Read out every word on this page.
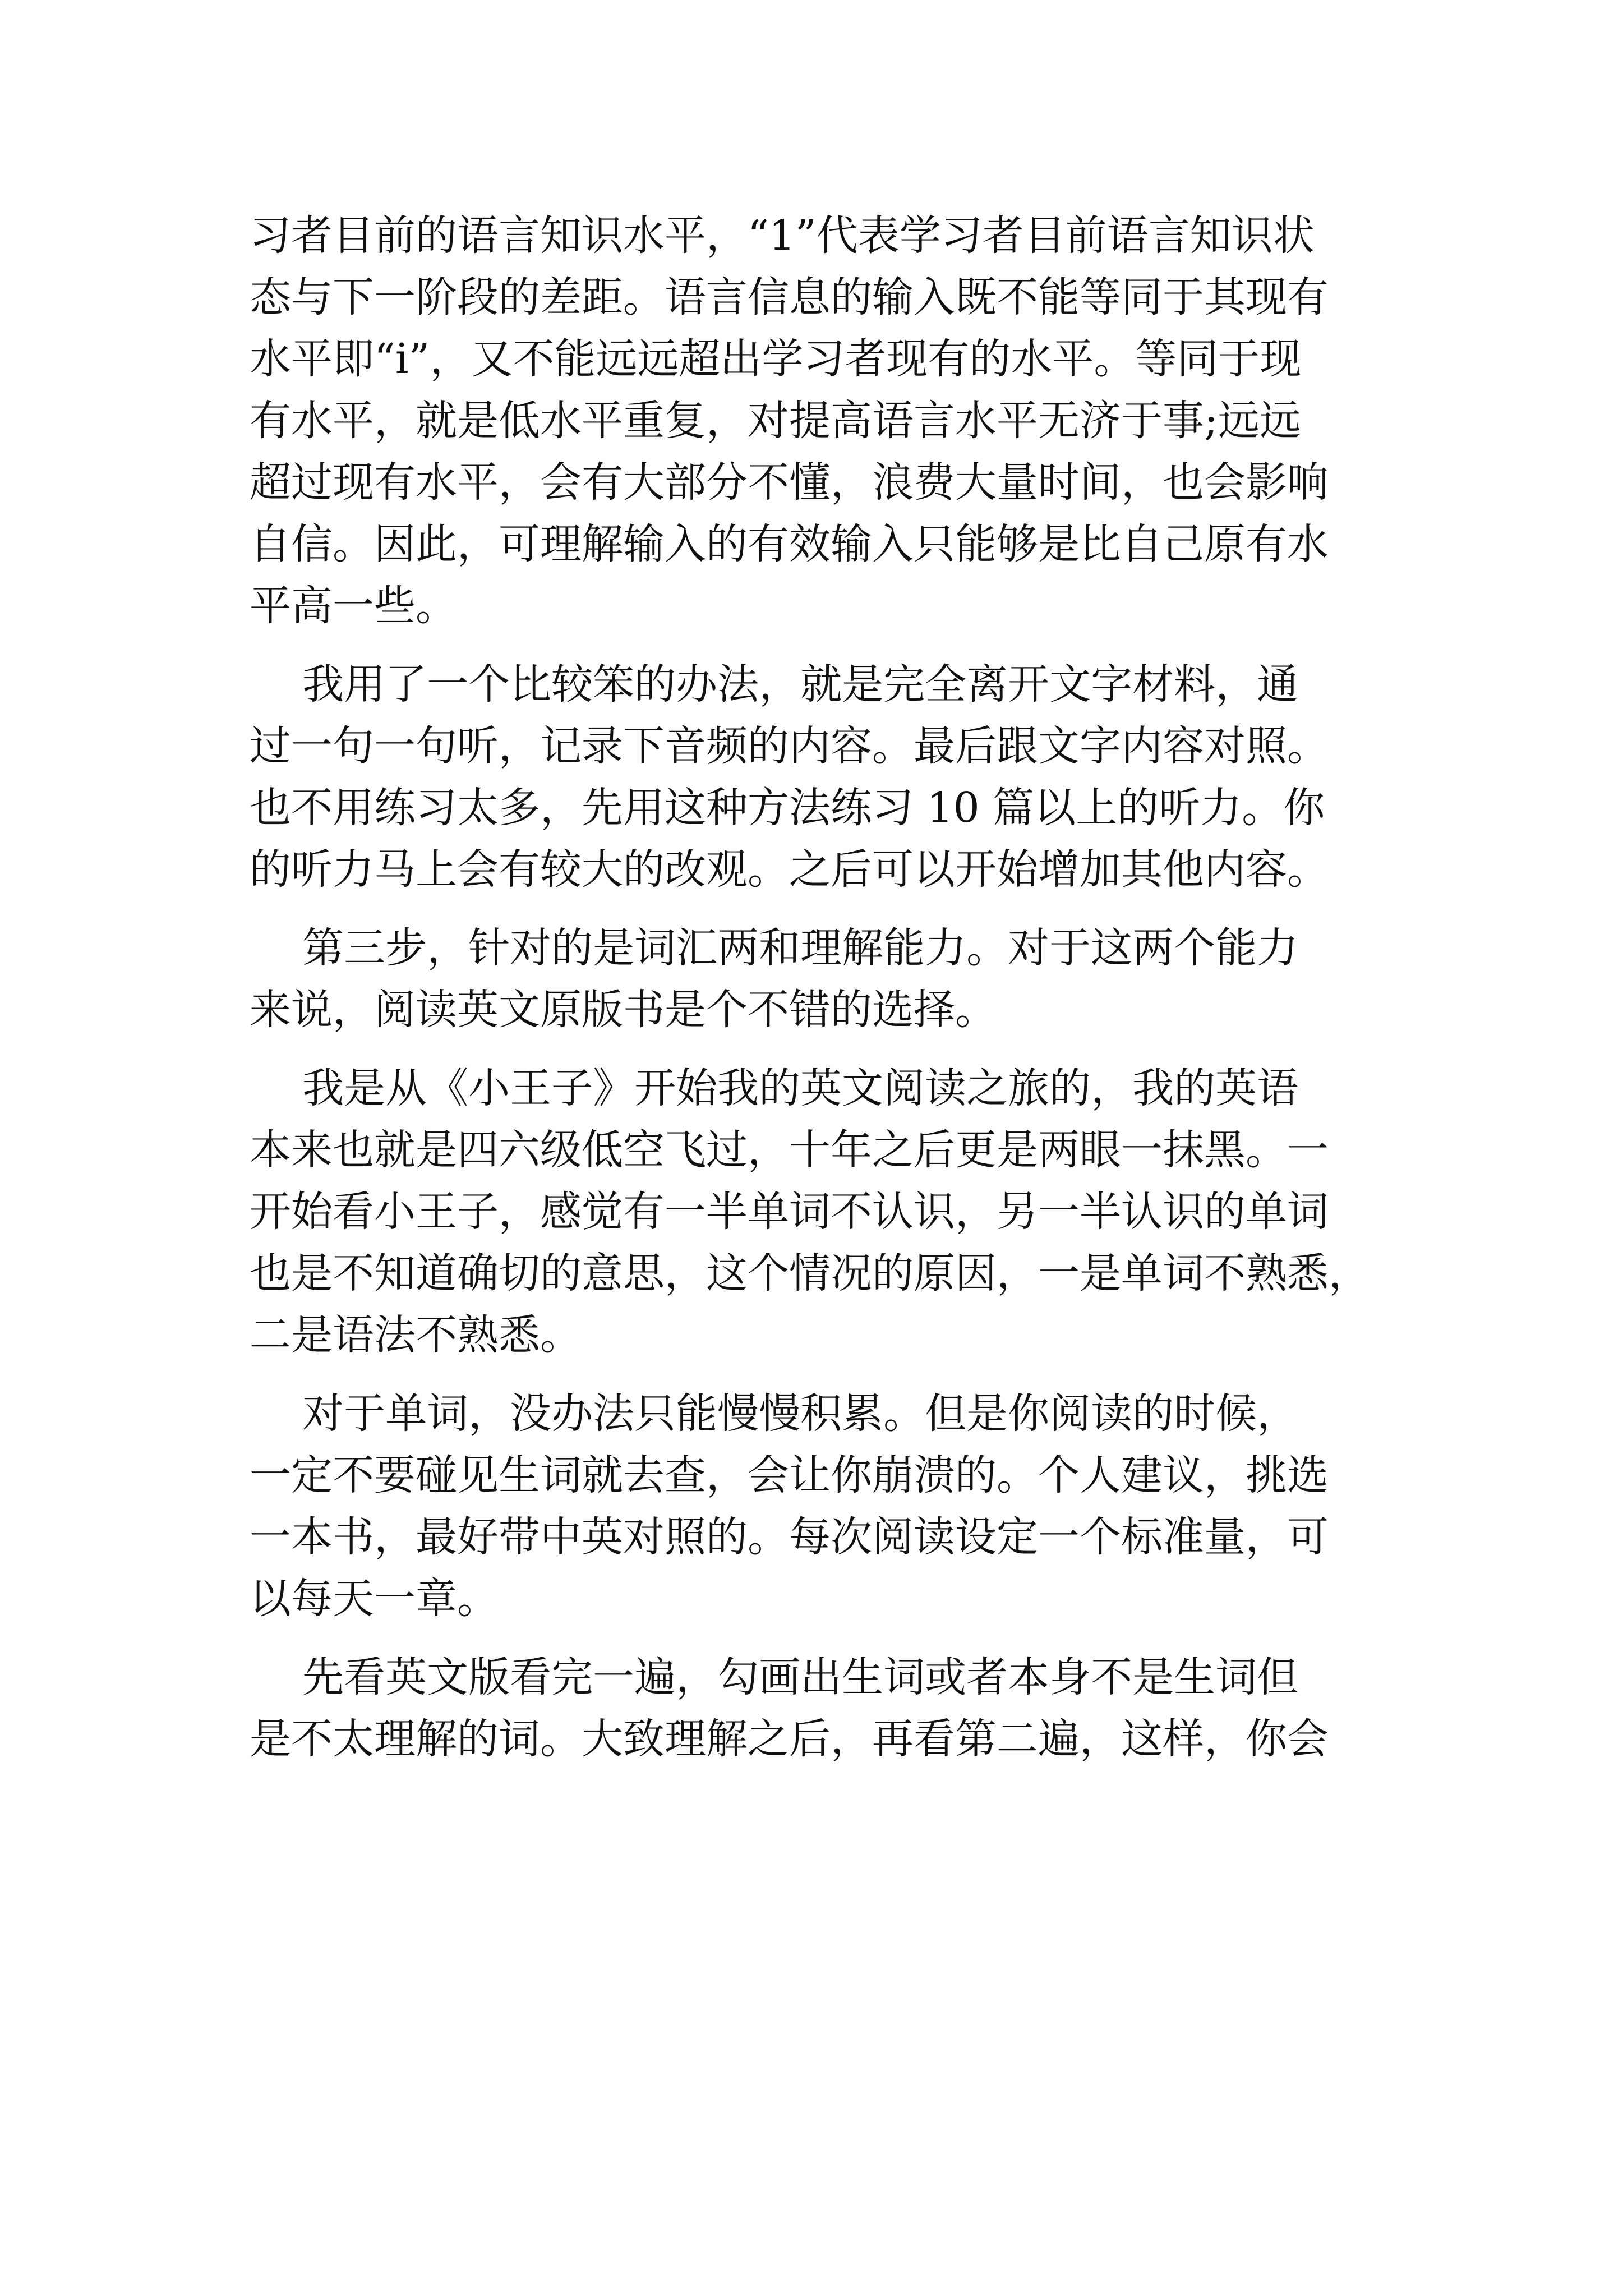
习者目前的语言知识水平，“1”代表学习者目前语言知识状
态与下一阶段的差距。语言信息的输入既不能等同于其现有
水平即“i”，又不能远远超出学习者现有的水平。等同于现
有水平，就是低水平重复，对提高语言水平无济于事;远远
超过现有水平，会有大部分不懂，浪费大量时间，也会影响
自信。因此，可理解输入的有效输入只能够是比自己原有水
平高一些。
我用了一个比较笨的办法，就是完全离开文字材料，通
过一句一句听，记录下音频的内容。最后跟文字内容对照。
也不用练习太多，先用这种方法练习 10 篇以上的听力。你
的听力马上会有较大的改观。之后可以开始增加其他内容。
第三步，针对的是词汇两和理解能力。对于这两个能力
来说，阅读英文原版书是个不错的选择。
我是从《小王子》开始我的英文阅读之旅的，我的英语
本来也就是四六级低空飞过，十年之后更是两眼一抹黑。一
开始看小王子，感觉有一半单词不认识，另一半认识的单词
也是不知道确切的意思，这个情况的原因，一是单词不熟悉，
二是语法不熟悉。
对于单词，没办法只能慢慢积累。但是你阅读的时候，
一定不要碰见生词就去查，会让你崩溃的。个人建议，挑选
一本书，最好带中英对照的。每次阅读设定一个标准量，可
以每天一章。
先看英文版看完一遍，勾画出生词或者本身不是生词但
是不太理解的词。大致理解之后，再看第二遍，这样，你会
